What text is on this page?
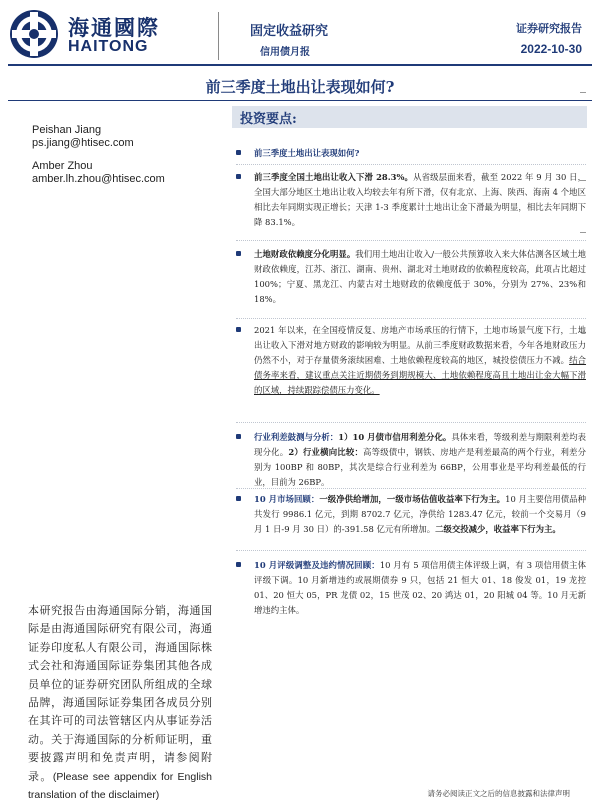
海通國際
HAITONG
固定收益研究
信用债月报
证券研究报告
2022-10-30
前三季度土地出让表现如何?
Peishan Jiang
ps.jiang@htisec.com
Amber Zhou
amber.lh.zhou@htisec.com
投资要点:
前三季度土地出让表现如何?
前三季度全国土地出让收入下滑 28.3%。从省级层面来看，截至 2022 年 9 月 30 日，全国大部分地区土地出让收入均较去年有所下滑，仅有北京、上海、陕西、海南 4 个地区相比去年同期实现正增长；天津 1-3 季度累计土地出让金下滑最为明显，相比去年同期下降 83.1%。
土地财政依赖度分化明显。我们用土地出让收入/一般公共预算收入来大体估测各区域土地财政依赖度，江苏、浙江、湖南、贵州、湖北对土地财政的依赖程度较高，此项占比超过 100%；宁夏、黑龙江、内蒙古对土地财政的依赖度低于 30%，分别为 27%、23%和 18%。
2021 年以来，在全国疫情反复、房地产市场承压的行情下，土地市场景气度下行，土地出让收入下滑对地方财政的影响较为明显。从前三季度财政数据来看，今年各地财政压力仍然不小，对于存量债务滚续困难、土地依赖程度较高的地区，城投偿债压力不减。结合债务率来看，建议重点关注近期债务到期规模大、土地依赖程度高且土地出让金大幅下滑的区域，持续跟踪偿债压力变化。
行业利差鼓测与分析：1）10 月债市信用利差分化。具体来看，等级利差与期限利差均表现分化。2）行业横向比较：高等级债中，钢铁、房地产是利差最高的两个行业，利差分别为 100BP 和 80BP，其次是综合行业利差为 66BP，公用事业是平均利差最低的行业，目前为 26BP。
10 月市场回顾：一级净供给增加，一级市场估值收益率下行为主。10 月主要信用债品种共发行 9986.1 亿元，到期 8702.7 亿元，净供给 1283.47 亿元，较前一个交易月（9 月 1 日-9 月 30 日）的-391.58 亿元有所增加。二级交投减少，收益率下行为主。
10 月评级调整及违约情况回顾：10 月有 5 项信用债主体评级上调，有 3 项信用债主体评级下调。10 月新增违约或展期债券 9 只，包括 21 恒大 01、18 俊发 01，19 龙控 01、20 恒大 05，PR 龙债 02，15 世茂 02、20 鸿达 01，20 阳城 04 等。10 月无新增违约主体。
本研究报告由海通国际分销，海通国际是由海通国际研究有限公司，海通证券印度私人有限公司，海通国际株式会社和海通国际证券集团其他各成员单位的证券研究团队所组成的全球品牌，海通国际证券集团各成员分别在其许可的司法管辖区内从事证券活动。关于海通国际的分析师证明，重要披露声明和免责声明，请参阅附录。(Please see appendix for English translation of the disclaimer)	请务必阅读正文之后的信息披露和法律声明
